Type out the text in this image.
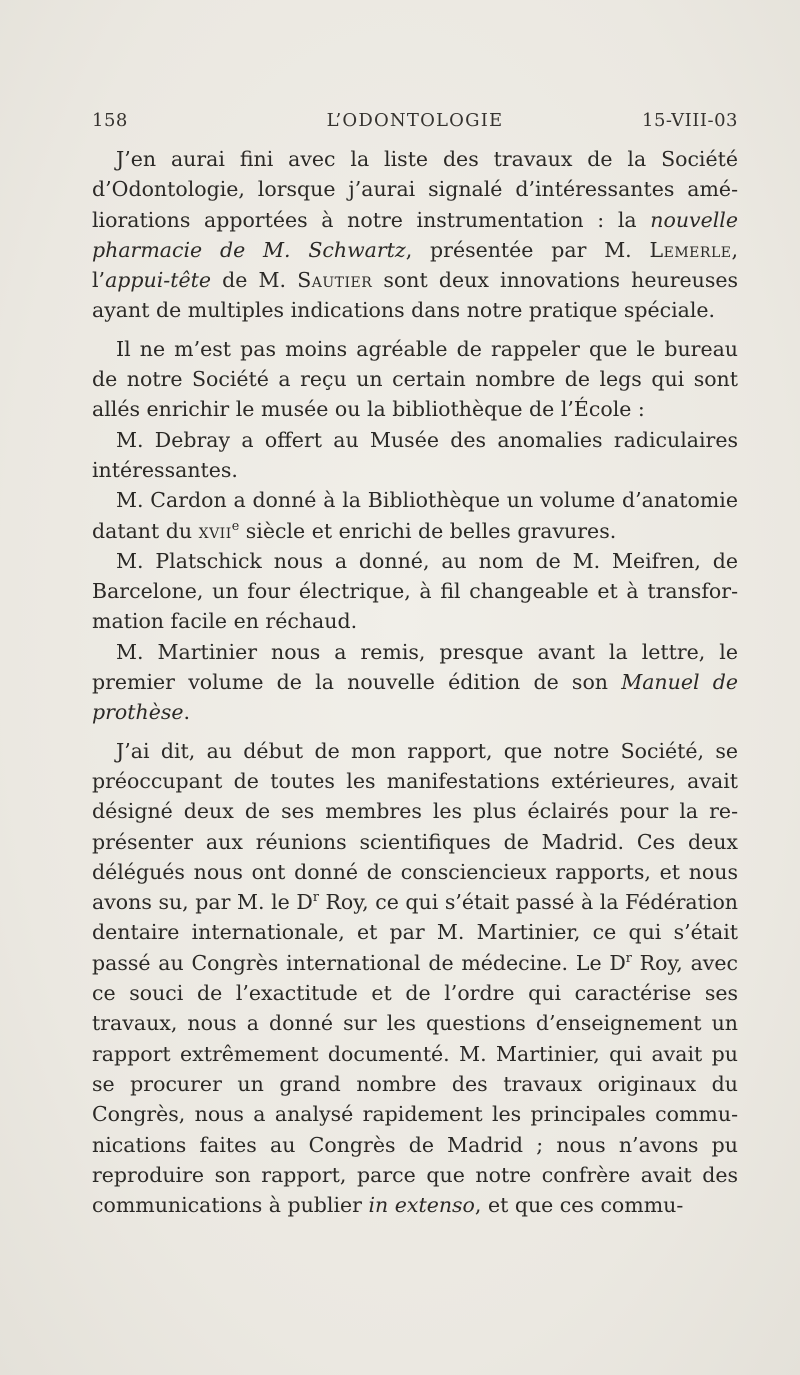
158	L’ODONTOLOGIE	15-VIII-03

J’en aurai fini avec la liste des travaux de la Société d’Odontologie, lorsque j’aurai signalé d’intéressantes améliorations apportées à notre instrumentation : la nouvelle pharmacie de M. Schwartz, présentée par M. Lemerle, l’appui-tête de M. Sautier sont deux innovations heureuses ayant de multiples indications dans notre pratique spéciale.

Il ne m’est pas moins agréable de rappeler que le bureau de notre Société a reçu un certain nombre de legs qui sont allés enrichir le musée ou la bibliothèque de l’École :

M. Debray a offert au Musée des anomalies radiculaires intéressantes.

M. Cardon a donné à la Bibliothèque un volume d’anatomie datant du xvii$^e$ siècle et enrichi de belles gravures.

M. Platschick nous a donné, au nom de M. Meifren, de Barcelone, un four électrique, à fil changeable et à transformation facile en réchaud.

M. Martinier nous a remis, presque avant la lettre, le premier volume de la nouvelle édition de son Manuel de prothèse.

J’ai dit, au début de mon rapport, que notre Société, se préoccupant de toutes les manifestations extérieures, avait désigné deux de ses membres les plus éclairés pour la représenter aux réunions scientifiques de Madrid. Ces deux délégués nous ont donné de consciencieux rapports, et nous avons su, par M. le $D^r$ Roy, ce qui s’était passé à la Fédération dentaire internationale, et par M. Martinier, ce qui s’était passé au Congrès international de médecine. Le $D^r$ Roy, avec ce souci de l’exactitude et de l’ordre qui caractérise ses travaux, nous a donné sur les questions d’enseignement un rapport extrêmement documenté. M. Martinier, qui avait pu se procurer un grand nombre des travaux originaux du Congrès, nous a analysé rapidement les principales communications faites au Congrès de Madrid ; nous n’avons pu reproduire son rapport, parce que notre confrère avait des communications à publier in extenso, et que ces commu-
